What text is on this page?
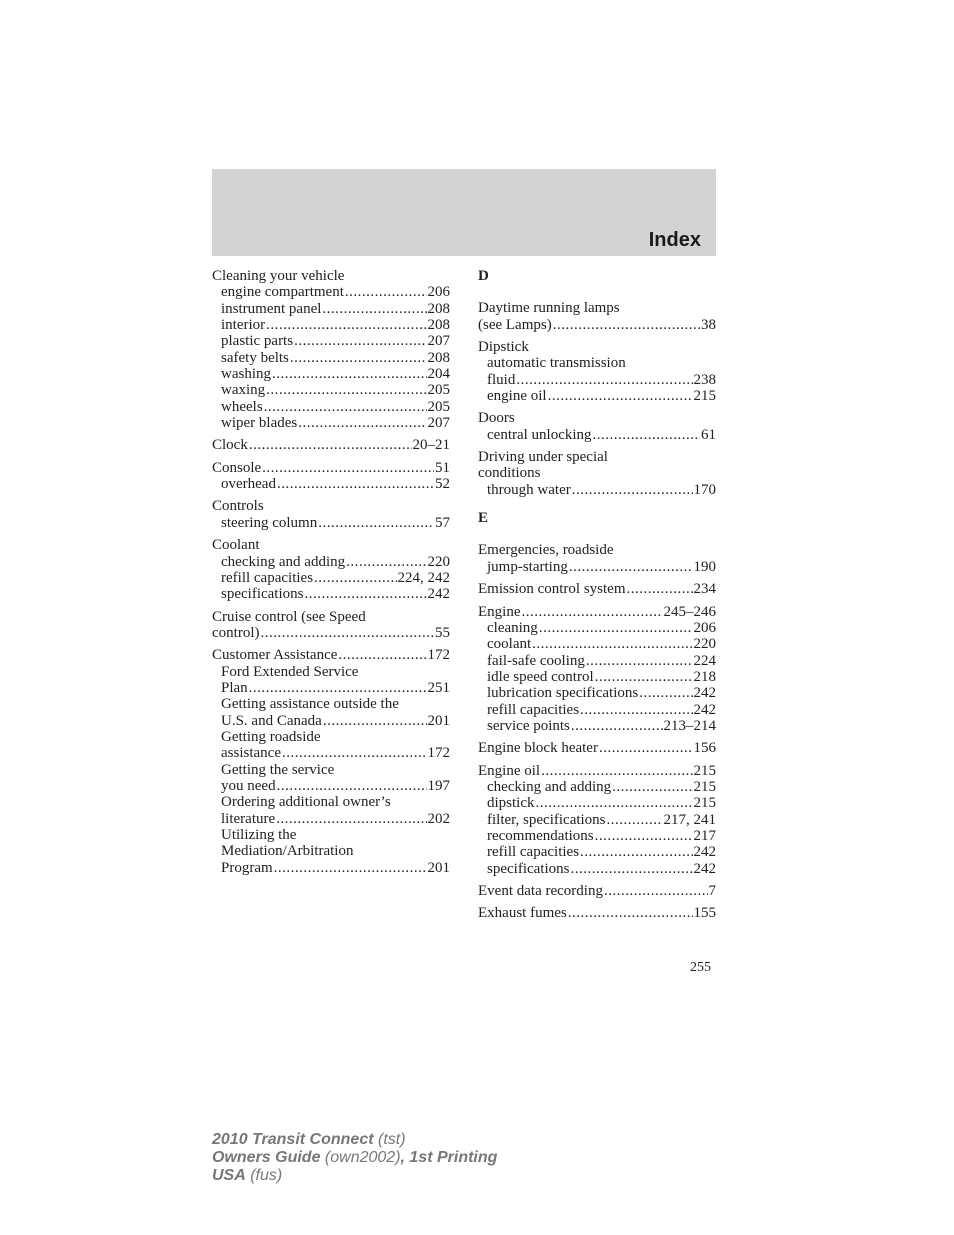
Index
Cleaning your vehicle
engine compartment .....	206
instrument panel .....	208
interior .....	208
plastic parts .....	207
safety belts .....	208
washing .....	204
waxing .....	205
wheels .....	205
wiper blades .....	207
Clock .....	20–21
Console .....	51
overhead .....	52
Controls
steering column .....	57
Coolant
checking and adding .....	220
refill capacities .....	224, 242
specifications .....	242
Cruise control (see Speed
control) .....	55
Customer Assistance .....	172
Ford Extended Service
Plan .....	251
Getting assistance outside the
U.S. and Canada .....	201
Getting roadside
assistance .....	172
Getting the service
you need .....	197
Ordering additional owner’s
literature .....	202
Utilizing the
Mediation/Arbitration
Program .....	201
D
Daytime running lamps
(see Lamps) .....	38
Dipstick
automatic transmission
fluid .....	238
engine oil .....	215
Doors
central unlocking .....	61
Driving under special
conditions
through water .....	170
E
Emergencies, roadside
jump-starting .....	190
Emission control system .....	234
Engine .....	245–246
cleaning .....	206
coolant .....	220
fail-safe cooling .....	224
idle speed control .....	218
lubrication specifications .....	242
refill capacities .....	242
service points .....	213–214
Engine block heater .....	156
Engine oil .....	215
checking and adding .....	215
dipstick .....	215
filter, specifications .....	217, 241
recommendations .....	217
refill capacities .....	242
specifications .....	242
Event data recording .....	7
Exhaust fumes .....	155
255
2010 Transit Connect (tst)
Owners Guide (own2002), 1st Printing
USA (fus)
